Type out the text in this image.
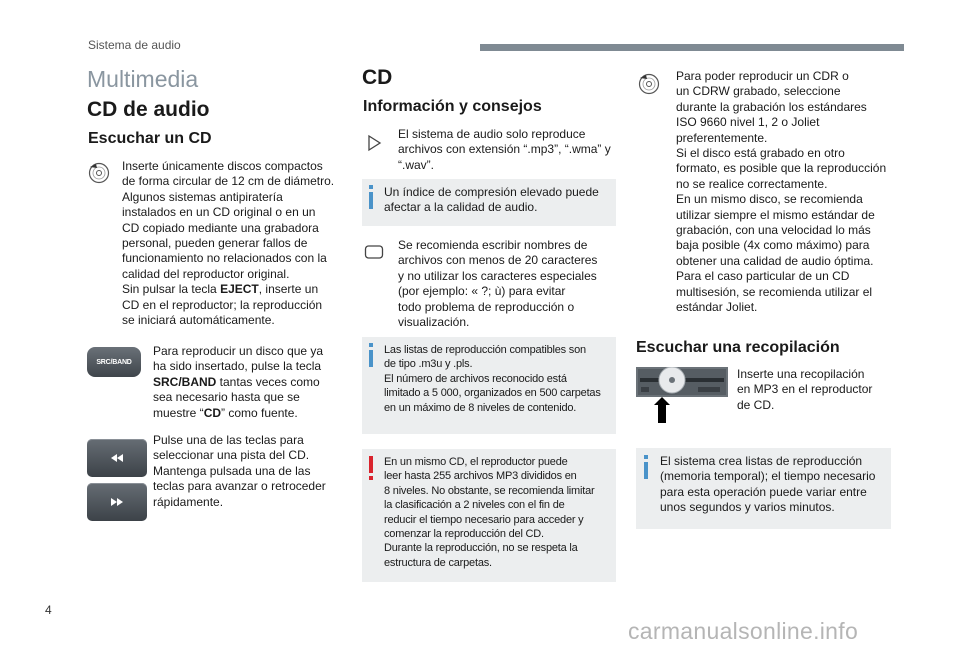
Sistema de audio
Multimedia
CD de audio
Escuchar un CD
Inserte únicamente discos compactos
de forma circular de 12 cm de diámetro.
Algunos sistemas antipiratería
instalados en un CD original o en un
CD copiado mediante una grabadora
personal, pueden generar fallos de
funcionamiento no relacionados con la
calidad del reproductor original.
Sin pulsar la tecla EJECT, inserte un
CD en el reproductor; la reproducción
se iniciará automáticamente.
SRC/BAND
Para reproducir un disco que ya
ha sido insertado, pulse la tecla
SRC/BAND tantas veces como
sea necesario hasta que se
muestre “CD” como fuente.
Pulse una de las teclas para
seleccionar una pista del CD.
Mantenga pulsada una de las
teclas para avanzar o retroceder
rápidamente.
CD
Información y consejos
El sistema de audio solo reproduce
archivos con extensión “.mp3”, “.wma” y
“.wav”.
Un índice de compresión elevado puede
afectar a la calidad de audio.
Se recomienda escribir nombres de
archivos con menos de 20 caracteres
y no utilizar los caracteres especiales
(por ejemplo: « ?; ù) para evitar
todo problema de reproducción o
visualización.
Las listas de reproducción compatibles son
de tipo .m3u y .pls.
El número de archivos reconocido está
limitado a 5 000, organizados en 500 carpetas
en un máximo de 8 niveles de contenido.
En un mismo CD, el reproductor puede
leer hasta 255 archivos MP3 divididos en
8 niveles. No obstante, se recomienda limitar
la clasificación a 2 niveles con el fin de
reducir el tiempo necesario para acceder y
comenzar la reproducción del CD.
Durante la reproducción, no se respeta la
estructura de carpetas.
Para poder reproducir un CDR o
un CDRW grabado, seleccione
durante la grabación los estándares
ISO 9660 nivel 1, 2 o Joliet
preferentemente.
Si el disco está grabado en otro
formato, es posible que la reproducción
no se realice correctamente.
En un mismo disco, se recomienda
utilizar siempre el mismo estándar de
grabación, con una velocidad lo más
baja posible (4x como máximo) para
obtener una calidad de audio óptima.
Para el caso particular de un CD
multisesión, se recomienda utilizar el
estándar Joliet.
Escuchar una recopilación
Inserte una recopilación
en MP3 en el reproductor
de CD.
El sistema crea listas de reproducción
(memoria temporal); el tiempo necesario
para esta operación puede variar entre
unos segundos y varios minutos.
4
carmanualsonline.info
